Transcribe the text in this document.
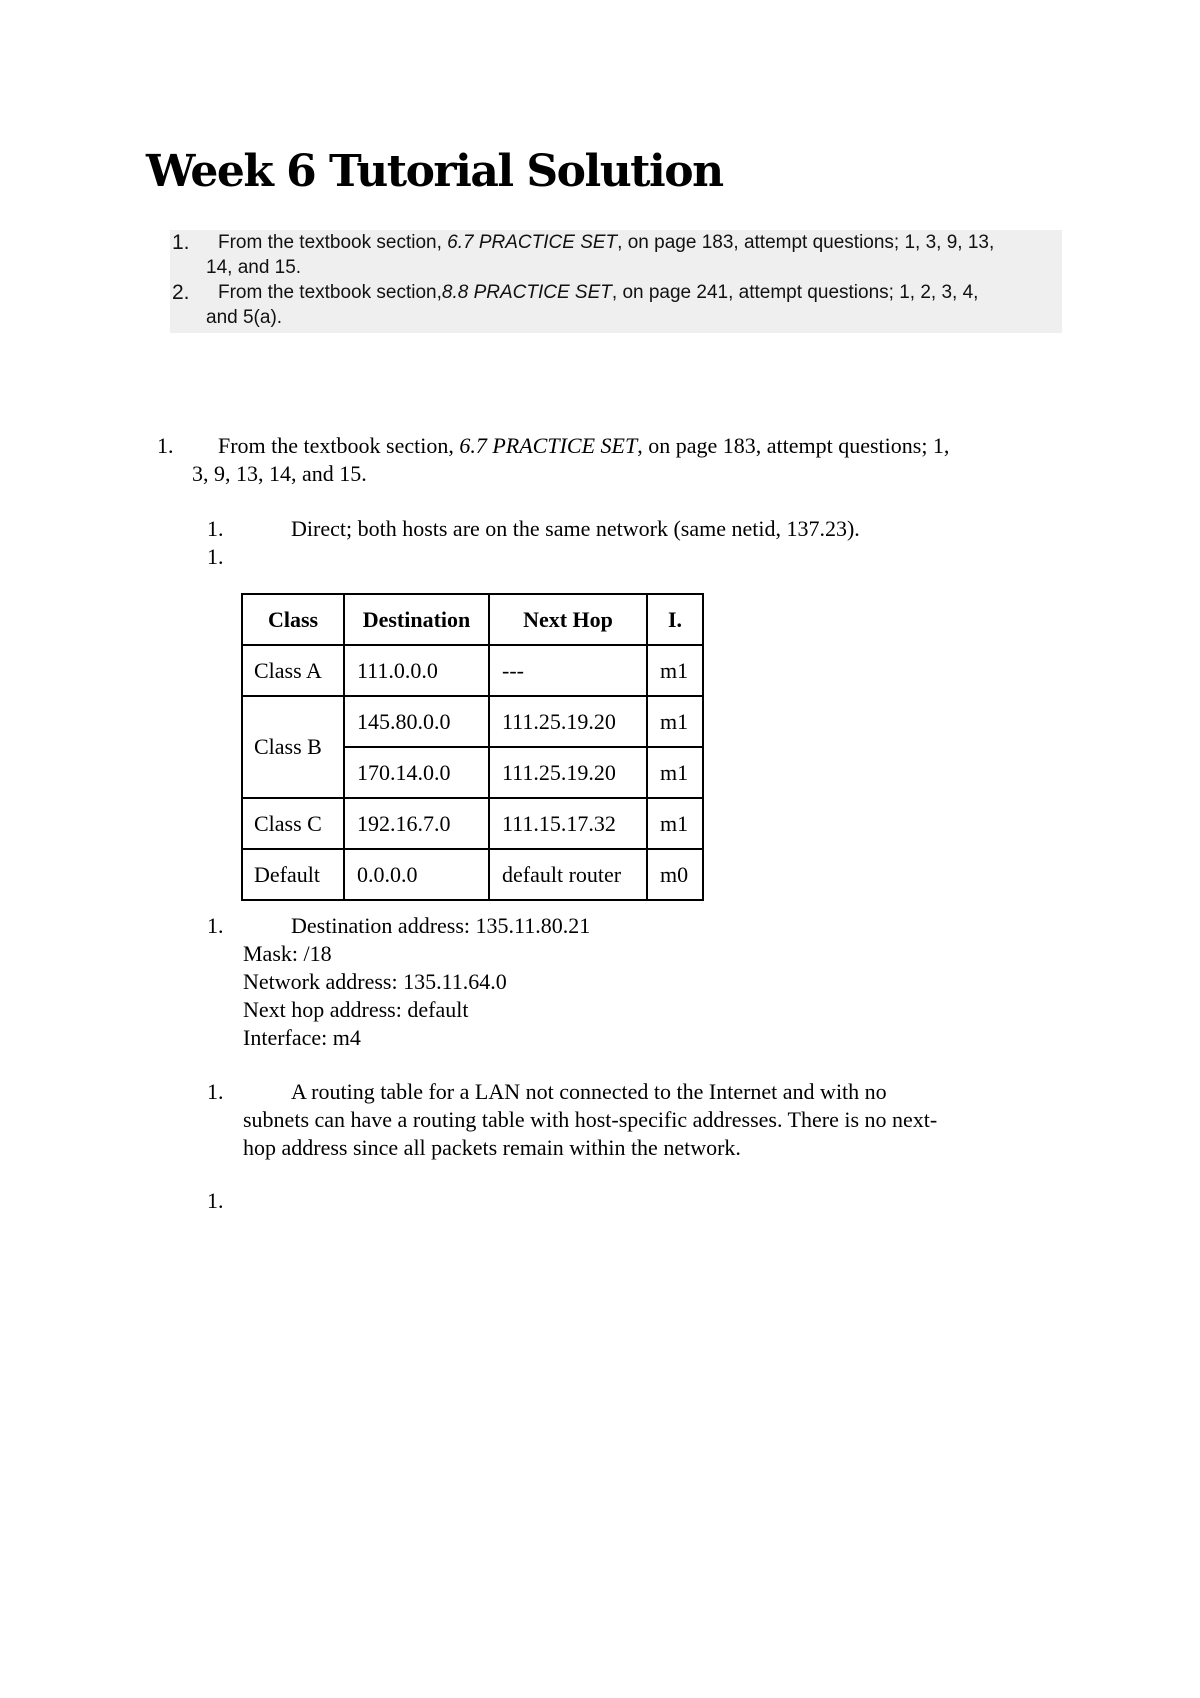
Week 6 Tutorial Solution
1.	From the textbook section, 6.7 PRACTICE SET, on page 183, attempt questions; 1, 3, 9, 13,
14, and 15.
2.	From the textbook section,8.8 PRACTICE SET, on page 241, attempt questions; 1, 2, 3, 4,
and 5(a).
1. From the textbook section, 6.7 PRACTICE SET, on page 183, attempt questions; 1,
3, 9, 13, 14, and 15.
1.	Direct; both hosts are on the same network (same netid, 137.23).
1.
Class	Destination	Next Hop	I.
Class A	111.0.0.0	---	m1
Class B	145.80.0.0	111.25.19.20	m1
	170.14.0.0	111.25.19.20	m1
Class C	192.16.7.0	111.15.17.32	m1
Default	0.0.0.0	default router	m0
1.	Destination address: 135.11.80.21
Mask: /18
Network address: 135.11.64.0
Next hop address: default
Interface: m4
1.	A routing table for a LAN not connected to the Internet and with no
subnets can have a routing table with host-specific addresses. There is no next-
hop address since all packets remain within the network.
1.
